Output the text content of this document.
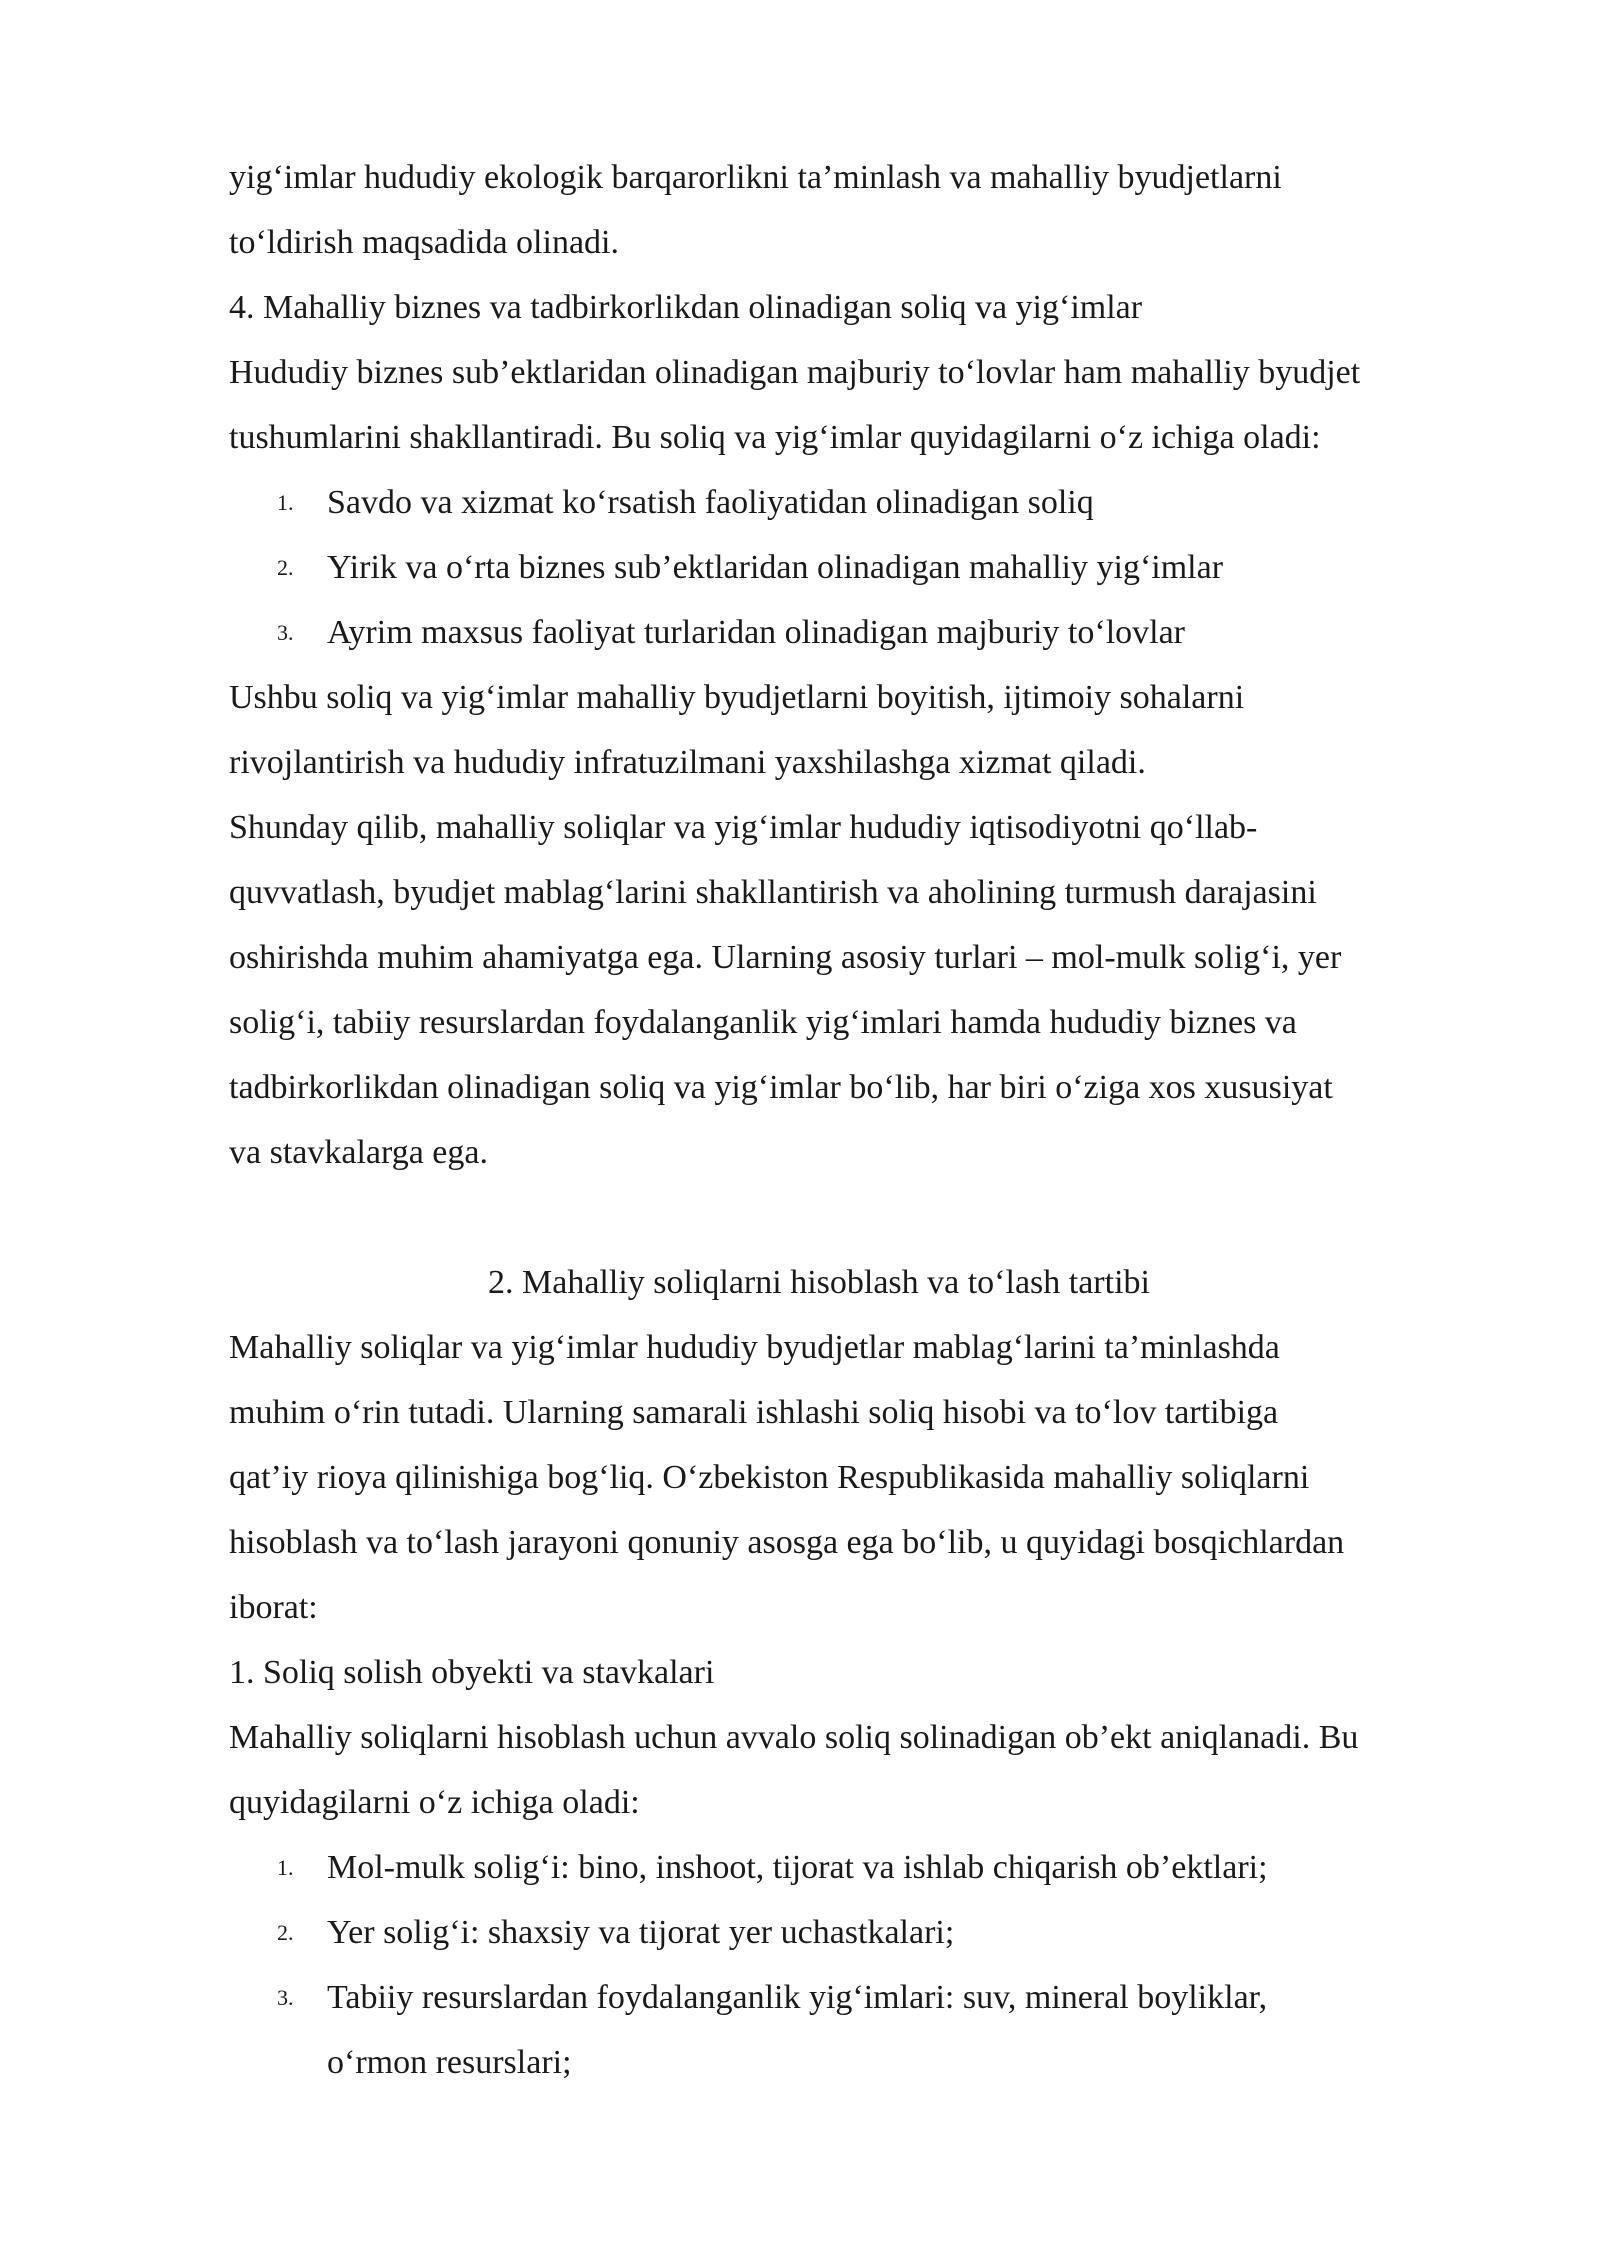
yig‘imlar hududiy ekologik barqarorlikni ta’minlash va mahalliy byudjetlarni
to‘ldirish maqsadida olinadi.
4. Mahalliy biznes va tadbirkorlikdan olinadigan soliq va yig‘imlar
Hududiy biznes sub’ektlaridan olinadigan majburiy to‘lovlar ham mahalliy byudjet
tushumlarini shakllantiradi. Bu soliq va yig‘imlar quyidagilarni o‘z ichiga oladi:
1. Savdo va xizmat ko‘rsatish faoliyatidan olinadigan soliq
2. Yirik va o‘rta biznes sub’ektlaridan olinadigan mahalliy yig‘imlar
3. Ayrim maxsus faoliyat turlaridan olinadigan majburiy to‘lovlar
Ushbu soliq va yig‘imlar mahalliy byudjetlarni boyitish, ijtimoiy sohalarni
rivojlantirish va hududiy infratuzilmani yaxshilashga xizmat qiladi.
Shunday qilib, mahalliy soliqlar va yig‘imlar hududiy iqtisodiyotni qo‘llab-
quvvatlash, byudjet mablag‘larini shakllantirish va aholining turmush darajasini
oshirishda muhim ahamiyatga ega. Ularning asosiy turlari – mol-mulk solig‘i, yer
solig‘i, tabiiy resurslardan foydalanganlik yig‘imlari hamda hududiy biznes va
tadbirkorlikdan olinadigan soliq va yig‘imlar bo‘lib, har biri o‘ziga xos xususiyat
va stavkalarga ega.
2. Mahalliy soliqlarni hisoblash va to‘lash tartibi
Mahalliy soliqlar va yig‘imlar hududiy byudjetlar mablag‘larini ta’minlashda
muhim o‘rin tutadi. Ularning samarali ishlashi soliq hisobi va to‘lov tartibiga
qat’iy rioya qilinishiga bog‘liq. O‘zbekiston Respublikasida mahalliy soliqlarni
hisoblash va to‘lash jarayoni qonuniy asosga ega bo‘lib, u quyidagi bosqichlardan
iborat:
1. Soliq solish obyekti va stavkalari
Mahalliy soliqlarni hisoblash uchun avvalo soliq solinadigan ob’ekt aniqlanadi. Bu
quyidagilarni o‘z ichiga oladi:
1. Mol-mulk solig‘i: bino, inshoot, tijorat va ishlab chiqarish ob’ektlari;
2. Yer solig‘i: shaxsiy va tijorat yer uchastkalari;
3. Tabiiy resurslardan foydalanganlik yig‘imlari: suv, mineral boyliklar,
o‘rmon resurslari;
